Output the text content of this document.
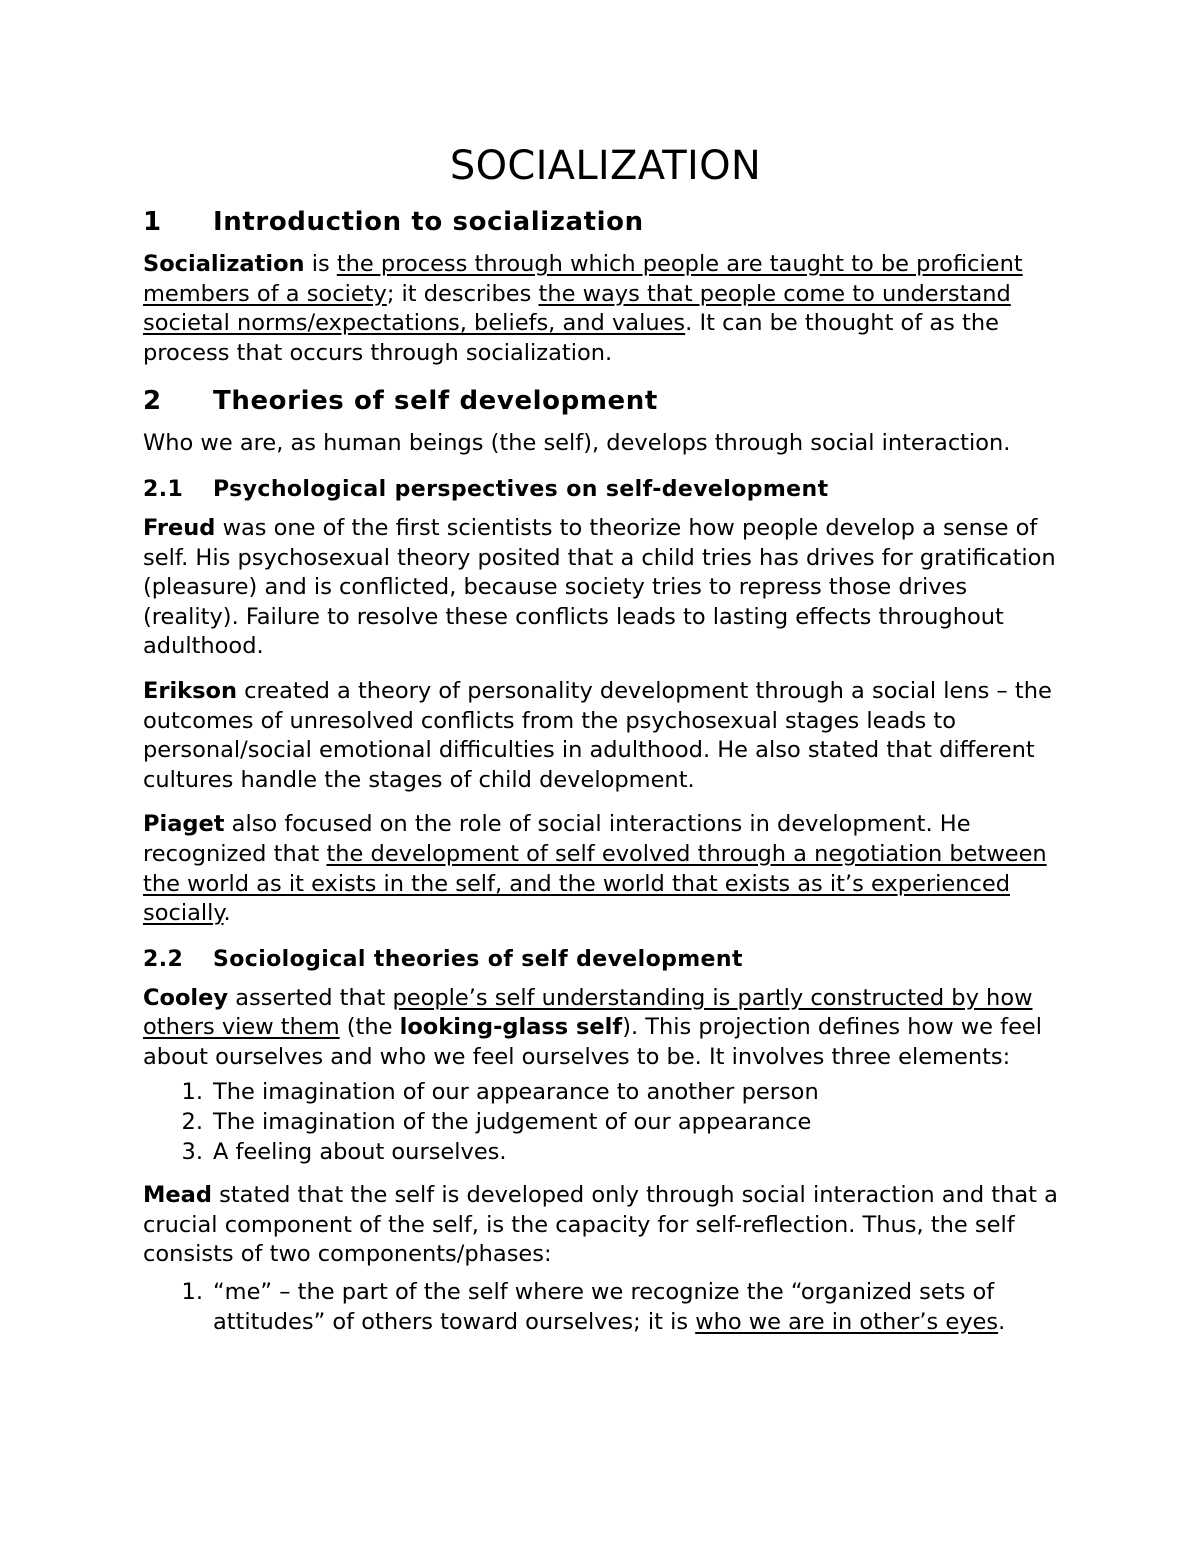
SOCIALIZATION
1	Introduction to socialization

Socialization is the process through which people are taught to be proficient members of a society; it describes the ways that people come to understand societal norms/expectations, beliefs, and values. It can be thought of as the process that occurs through socialization.

2	Theories of self development

Who we are, as human beings (the self), develops through social interaction.

2.1	Psychological perspectives on self-development

Freud was one of the first scientists to theorize how people develop a sense of self. His psychosexual theory posited that a child tries has drives for gratification (pleasure) and is conflicted, because society tries to repress those drives (reality). Failure to resolve these conflicts leads to lasting effects throughout adulthood.

Erikson created a theory of personality development through a social lens – the outcomes of unresolved conflicts from the psychosexual stages leads to personal/social emotional difficulties in adulthood. He also stated that different cultures handle the stages of child development.

Piaget also focused on the role of social interactions in development. He recognized that the development of self evolved through a negotiation between the world as it exists in the self, and the world that exists as it’s experienced socially.

2.2	Sociological theories of self development

Cooley asserted that people’s self understanding is partly constructed by how others view them (the looking-glass self). This projection defines how we feel about ourselves and who we feel ourselves to be. It involves three elements:

1. The imagination of our appearance to another person
2. The imagination of the judgement of our appearance
3. A feeling about ourselves.

Mead stated that the self is developed only through social interaction and that a crucial component of the self, is the capacity for self-reflection. Thus, the self consists of two components/phases:

1. “me” – the part of the self where we recognize the “organized sets of attitudes” of others toward ourselves; it is who we are in other’s eyes.
